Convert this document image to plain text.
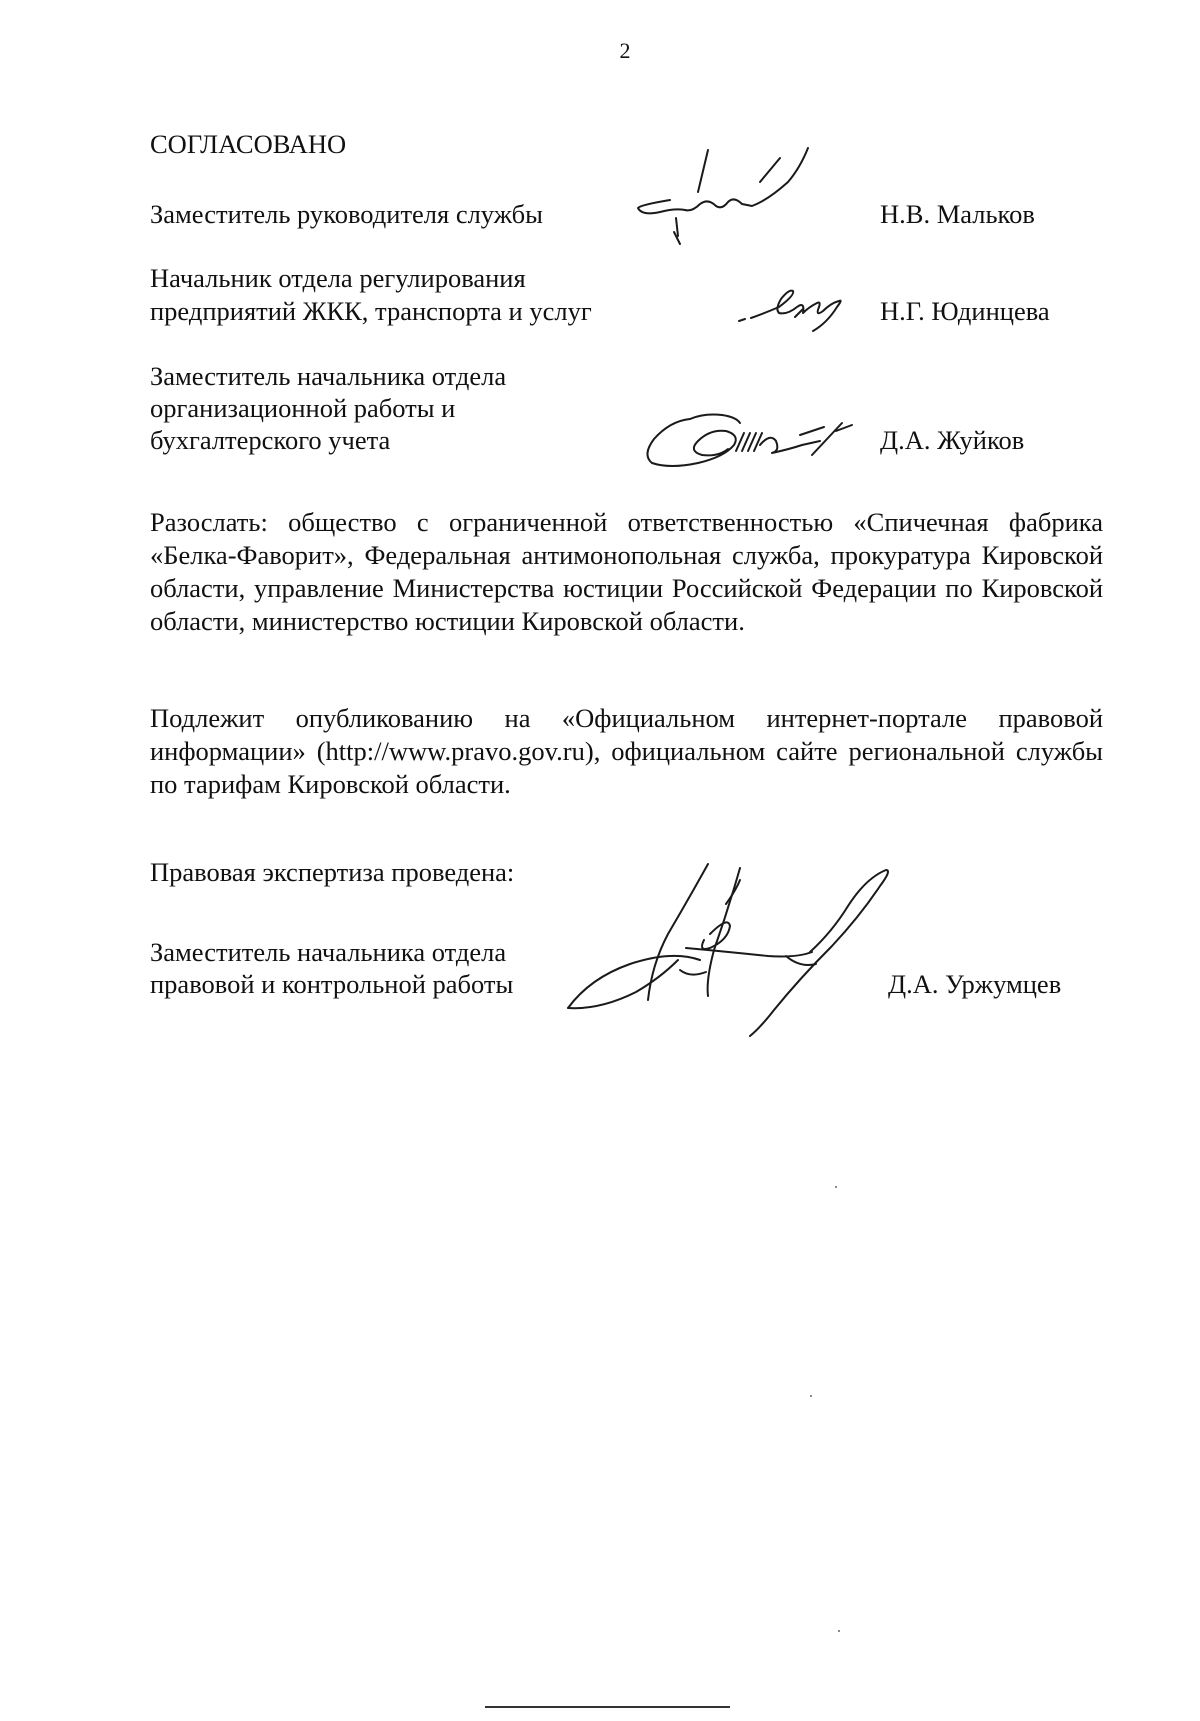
2

СОГЛАСОВАНО

Заместитель руководителя службы	Н.В. Мальков

Начальник отдела регулирования

предприятий ЖКК, транспорта и услуг	Н.Г. Юдинцева

Заместитель начальника отдела

организационной работы и

бухгалтерского учета	Д.А. Жуйков

Разослать: общество с ограниченной ответственностью «Спичечная фабрика «Белка-Фаворит», Федеральная антимонопольная служба, прокуратура Кировской области, управление Министерства юстиции Российской Федерации по Кировской области, министерство юстиции Кировской области.

Подлежит опубликованию на «Официальном интернет-портале правовой информации» (http://www.pravo.gov.ru), официальном сайте региональной службы по тарифам Кировской области.

Правовая экспертиза проведена:

Заместитель начальника отдела

правовой и контрольной работы	Д.А. Уржумцев
